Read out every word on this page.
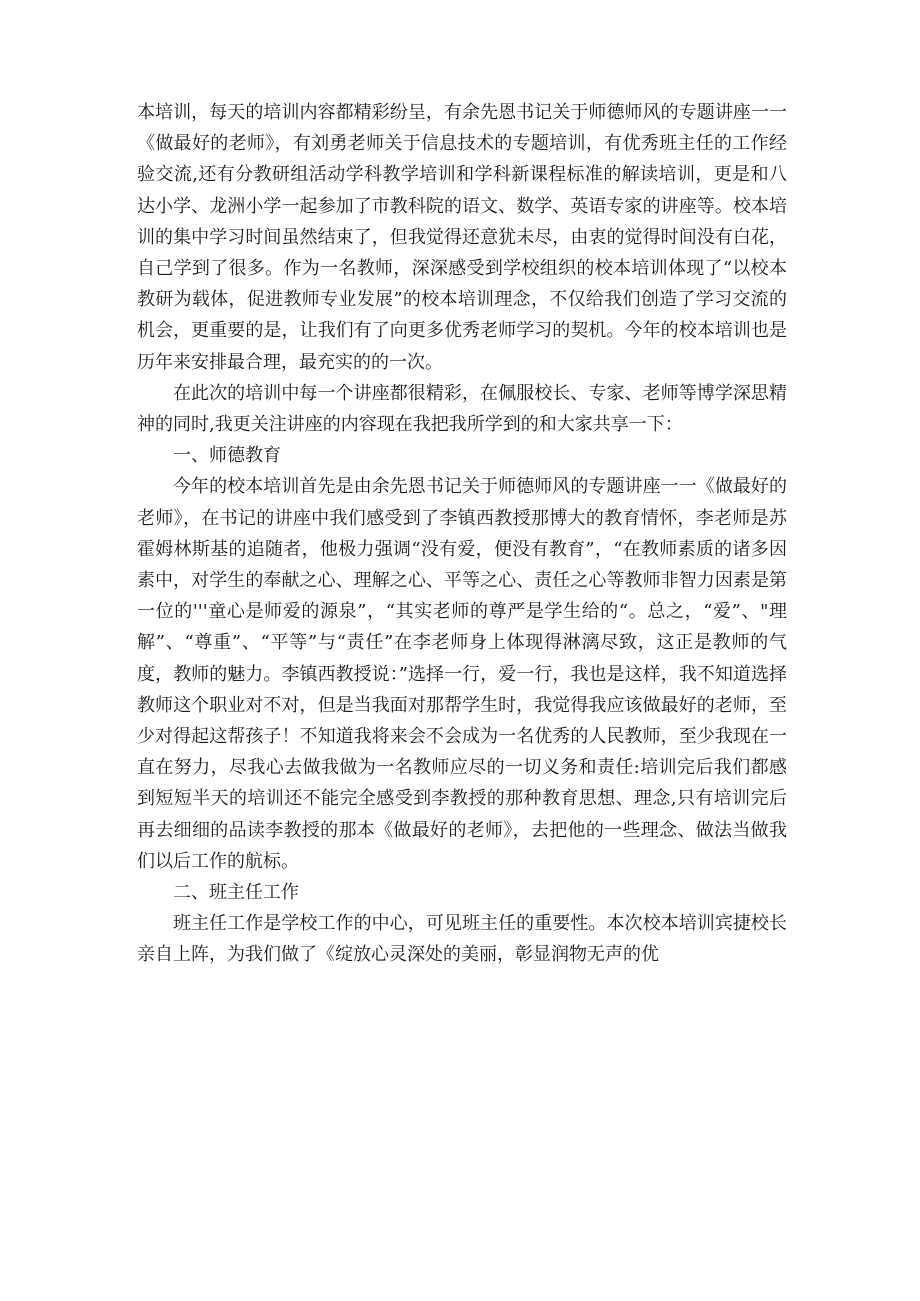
本培训，每天的培训内容都精彩纷呈，有余先恩书记关于师德师风的专题讲座一一《做最好的老师》，有刘勇老师关于信息技术的专题培训，有优秀班主任的工作经验交流,还有分教研组活动学科教学培训和学科新课程标准的解读培训，更是和八达小学、龙洲小学一起参加了市教科院的语文、数学、英语专家的讲座等。校本培训的集中学习时间虽然结束了，但我觉得还意犹未尽，由衷的觉得时间没有白花，自己学到了很多。作为一名教师，深深感受到学校组织的校本培训体现了“以校本教研为载体，促进教师专业发展”的校本培训理念，不仅给我们创造了学习交流的机会，更重要的是，让我们有了向更多优秀老师学习的契机。今年的校本培训也是历年来安排最合理，最充实的的一次。

在此次的培训中每一个讲座都很精彩，在佩服校长、专家、老师等博学深思精神的同时,我更关注讲座的内容现在我把我所学到的和大家共享一下：

一、师德教育

今年的校本培训首先是由余先恩书记关于师德师风的专题讲座一一《做最好的老师》，在书记的讲座中我们感受到了李镇西教授那博大的教育情怀，李老师是苏霍姆林斯基的追随者，他极力强调“没有爱，便没有教育”，“在教师素质的诸多因素中，对学生的奉献之心、理解之心、平等之心、责任之心等教师非智力因素是第一位的'''童心是师爱的源泉”，“其实老师的尊严是学生给的“。总之，“爱”、"理解”、“尊重”、“平等”与“责任”在李老师身上体现得淋漓尽致，这正是教师的气度，教师的魅力。李镇西教授说：”选择一行，爱一行，我也是这样，我不知道选择教师这个职业对不对，但是当我面对那帮学生时，我觉得我应该做最好的老师，至少对得起这帮孩子！不知道我将来会不会成为一名优秀的人民教师，至少我现在一直在努力，尽我心去做我做为一名教师应尽的一切义务和责任:培训完后我们都感到短短半天的培训还不能完全感受到李教授的那种教育思想、理念,只有培训完后再去细细的品读李教授的那本《做最好的老师》，去把他的一些理念、做法当做我们以后工作的航标。

二、班主任工作

班主任工作是学校工作的中心，可见班主任的重要性。本次校本培训宾捷校长亲自上阵，为我们做了《绽放心灵深处的美丽，彰显润物无声的优
